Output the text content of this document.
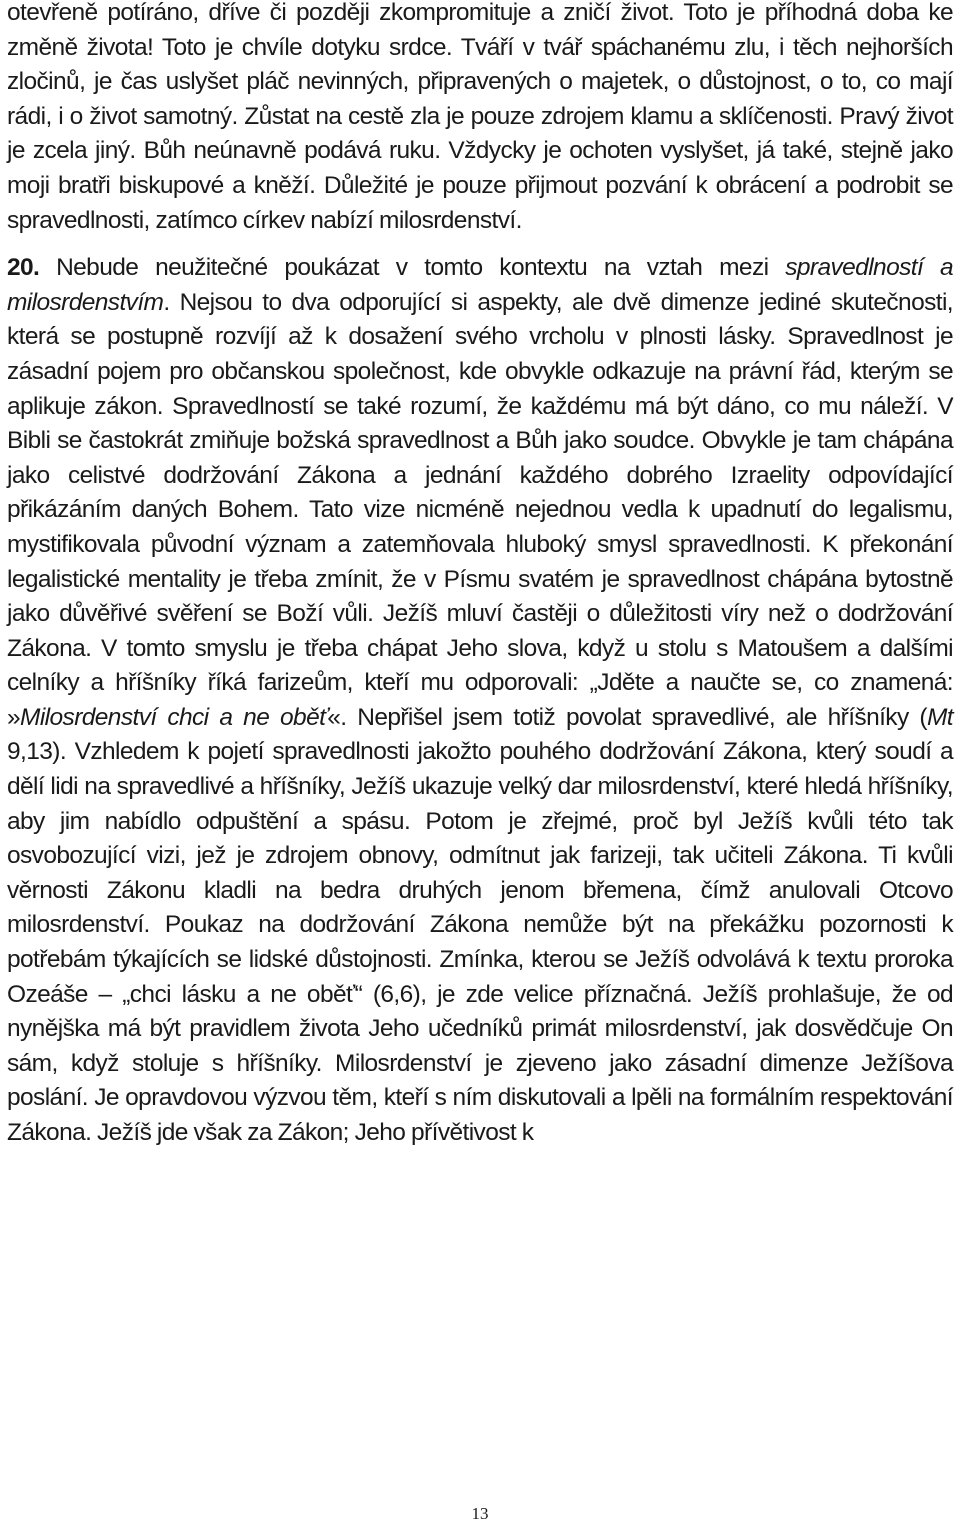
otevřeně potíráno, dříve či později zkompromituje a zničí život. Toto je příhodná doba ke změně života! Toto je chvíle dotyku srdce. Tváří v tvář spáchanému zlu, i těch nejhorších zločinů, je čas uslyšet pláč nevinných, připravených o majetek, o důstojnost, o to, co mají rádi, i o život samotný. Zůstat na cestě zla je pouze zdrojem klamu a sklíčenosti. Pravý život je zcela jiný. Bůh neúnavně podává ruku. Vždycky je ochoten vyslyšet, já také, stejně jako moji bratři biskupové a kněží. Důležité je pouze přijmout pozvání k obrácení a podrobit se spravedlnosti, zatímco církev nabízí milosrdenství.

20. Nebude neužitečné poukázat v tomto kontextu na vztah mezi spravedlností a milosrdenstvím. Nejsou to dva odporující si aspekty, ale dvě dimenze jediné skutečnosti, která se postupně rozvíjí až k dosažení svého vrcholu v plnosti lásky. Spravedlnost je zásadní pojem pro občanskou společnost, kde obvykle odkazuje na právní řád, kterým se aplikuje zákon. Spravedlností se také rozumí, že každému má být dáno, co mu náleží. V Bibli se častokrát zmiňuje božská spravedlnost a Bůh jako soudce. Obvykle je tam chápána jako celistvé dodržování Zákona a jednání každého dobrého Izraelity odpovídající přikázáním daných Bohem. Tato vize nicméně nejednou vedla k upadnutí do legalismu, mystifikovala původní význam a zatemňovala hluboký smysl spravedlnosti. K překonání legalistické mentality je třeba zmínit, že v Písmu svatém je spravedlnost chápána bytostně jako důvěřivé svěření se Boží vůli. Ježíš mluví častěji o důležitosti víry než o dodržování Zákona. V tomto smyslu je třeba chápat Jeho slova, když u stolu s Matoušem a dalšími celníky a hříšníky říká farizeům, kteří mu odporovali: „Jděte a naučte se, co znamená: »Milosrdenství chci a ne oběť«. Nepřišel jsem totiž povolat spravedlivé, ale hříšníky (Mt 9,13). Vzhledem k pojetí spravedlnosti jakožto pouhého dodržování Zákona, který soudí a dělí lidi na spravedlivé a hříšníky, Ježíš ukazuje velký dar milosrdenství, které hledá hříšníky, aby jim nabídlo odpuštění a spásu. Potom je zřejmé, proč byl Ježíš kvůli této tak osvobozující vizi, jež je zdrojem obnovy, odmítnut jak farizeji, tak učiteli Zákona. Ti kvůli věrnosti Zákonu kladli na bedra druhých jenom břemena, čímž anulovali Otcovo milosrdenství. Poukaz na dodržování Zákona nemůže být na překážku pozornosti k potřebám týkajících se lidské důstojnosti. Zmínka, kterou se Ježíš odvolává k textu proroka Ozeáše – „chci lásku a ne oběť“ (6,6), je zde velice příznačná. Ježíš prohlašuje, že od nynějška má být pravidlem života Jeho učedníků primát milosrdenství, jak dosvědčuje On sám, když stoluje s hříšníky. Milosrdenství je zjeveno jako zásadní dimenze Ježíšova poslání. Je opravdovou výzvou těm, kteří s ním diskutovali a lpěli na formálním respektování Zákona. Ježíš jde však za Zákon; Jeho přívětivost k

13
